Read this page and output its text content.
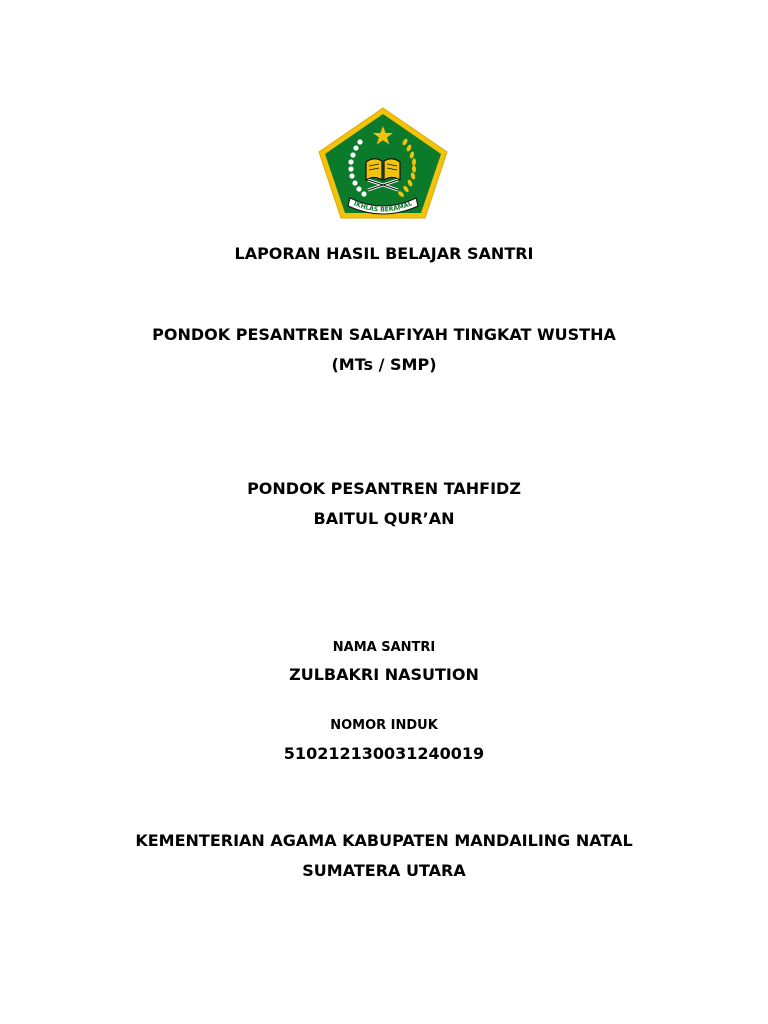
IKHLAS BERAMAL
LAPORAN HASIL BELAJAR SANTRI
PONDOK PESANTREN SALAFIYAH TINGKAT WUSTHA
(MTs / SMP)
PONDOK PESANTREN TAHFIDZ
BAITUL QUR’AN
NAMA SANTRI
ZULBAKRI NASUTION
NOMOR INDUK
510212130031240019
KEMENTERIAN AGAMA KABUPATEN MANDAILING NATAL
SUMATERA UTARA
